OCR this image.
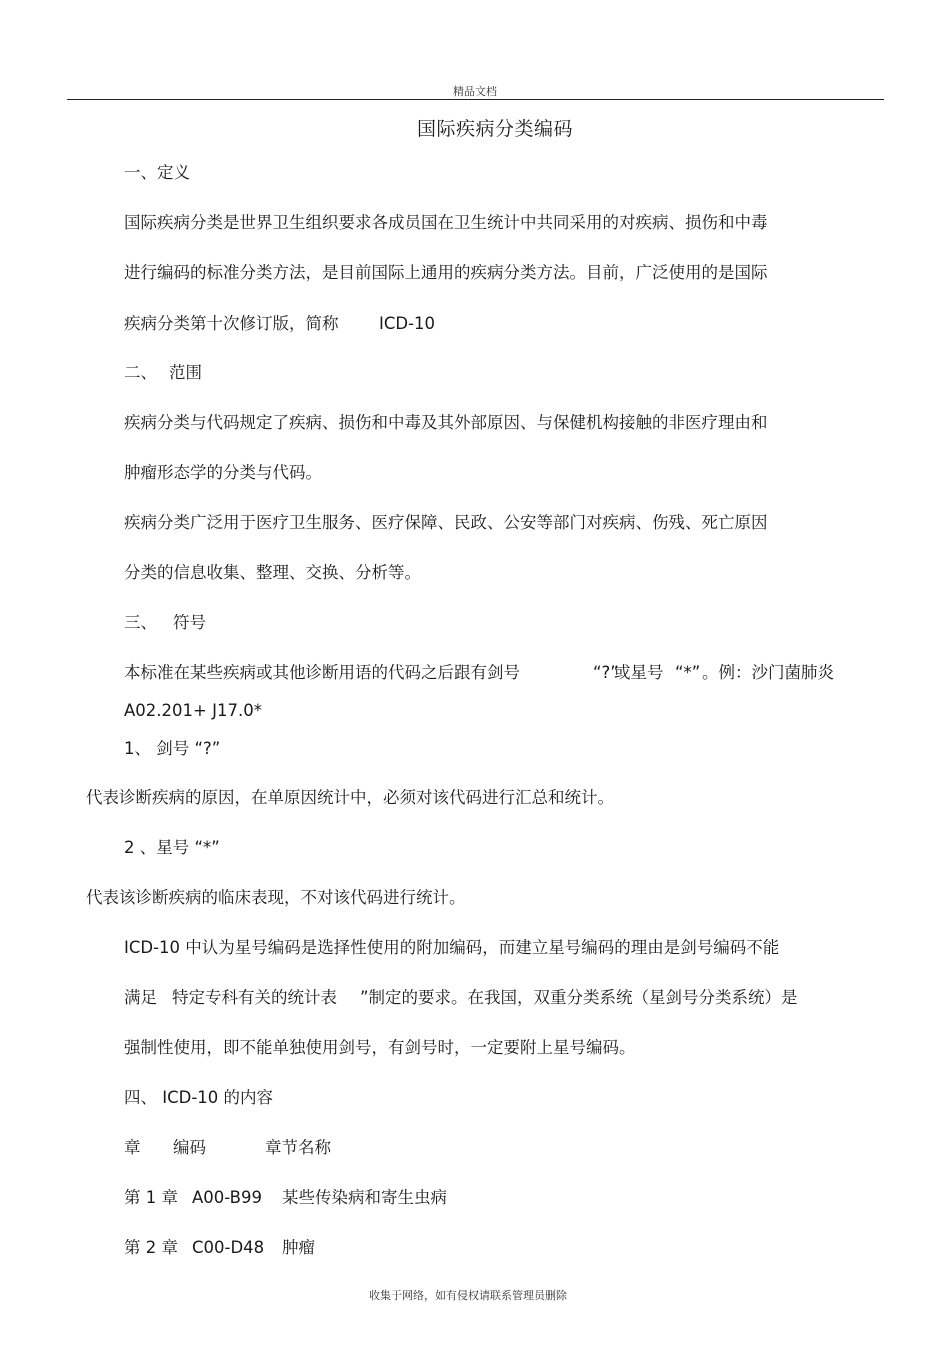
精品文档
国际疾病分类编码
一、定义
国际疾病分类是世界卫生组织要求各成员国在卫生统计中共同采用的对疾病、损伤和中毒
进行编码的标准分类方法，是目前国际上通用的疾病分类方法。目前，广泛使用的是国际
疾病分类第十次修订版，简称 ICD-10
二、 范围
疾病分类与代码规定了疾病、损伤和中毒及其外部原因、与保健机构接触的非医疗理由和
肿瘤形态学的分类与代码。
疾病分类广泛用于医疗卫生服务、医疗保障、民政、公安等部门对疾病、伤残、死亡原因
分类的信息收集、整理、交换、分析等。
三、 符号
本标准在某些疾病或其他诊断用语的代码之后跟有剑号	“?”
或星号 “*” 。例：沙门菌肺炎
A02.201+ J17.0*
1、 剑号 “?”
代表诊断疾病的原因，在单原因统计中，必须对该代码进行汇总和统计。
2 、星号 “*”
代表该诊断疾病的临床表现，不对该代码进行统计。
ICD-10 中认为星号编码是选择性使用的附加编码，而建立星号编码的理由是剑号编码不能
满足 特定专科有关的统计表 ”制定的要求。在我国，双重分类系统（星剑号分类系统）是
强制性使用，即不能单独使用剑号，有剑号时，一定要附上星号编码。
四、 ICD-10 的内容
章 编码	章节名称
第 1 章 A00-B99 某些传染病和寄生虫病
第 2 章 C00-D48 肿瘤
收集于网络，如有侵权请联系管理员删除
